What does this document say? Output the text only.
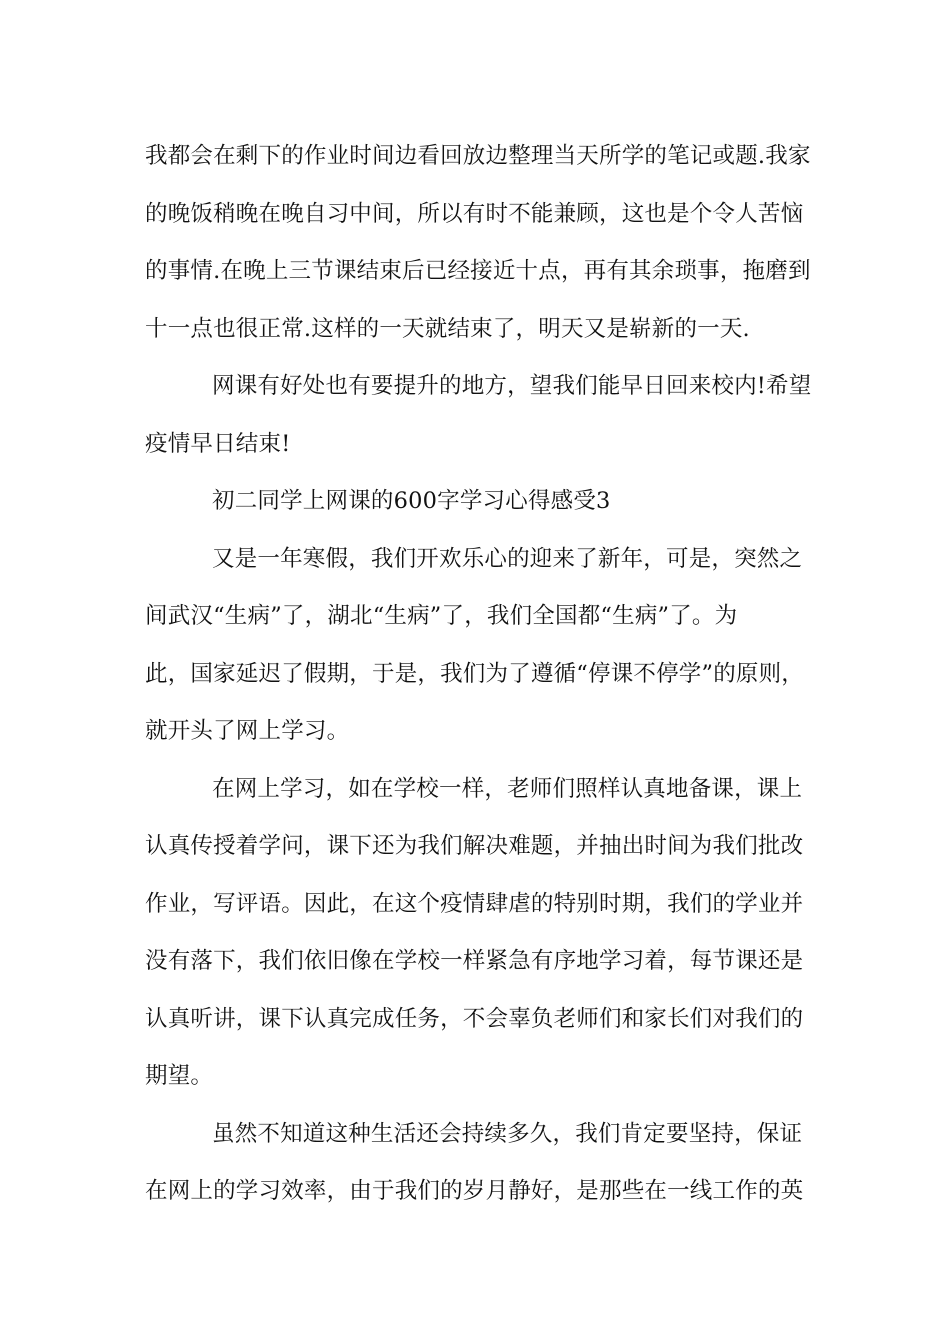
我都会在剩下的作业时间边看回放边整理当天所学的笔记或题.我家
的晚饭稍晚在晚自习中间，所以有时不能兼顾，这也是个令人苦恼
的事情.在晚上三节课结束后已经接近十点，再有其余琐事，拖磨到
十一点也很正常.这样的一天就结束了，明天又是崭新的一天.

网课有好处也有要提升的地方，望我们能早日回来校内!希望
疫情早日结束!

初二同学上网课的600字学习心得感受3

又是一年寒假，我们开欢乐心的迎来了新年，可是，突然之
间武汉“生病”了，湖北“生病”了，我们全国都“生病”了。为
此，国家延迟了假期，于是，我们为了遵循“停课不停学”的原则，
就开头了网上学习。

在网上学习，如在学校一样，老师们照样认真地备课，课上
认真传授着学问，课下还为我们解决难题，并抽出时间为我们批改
作业，写评语。因此，在这个疫情肆虐的特别时期，我们的学业并
没有落下，我们依旧像在学校一样紧急有序地学习着，每节课还是
认真听讲，课下认真完成任务，不会辜负老师们和家长们对我们的
期望。

虽然不知道这种生活还会持续多久，我们肯定要坚持，保证
在网上的学习效率，由于我们的岁月静好，是那些在一线工作的英
